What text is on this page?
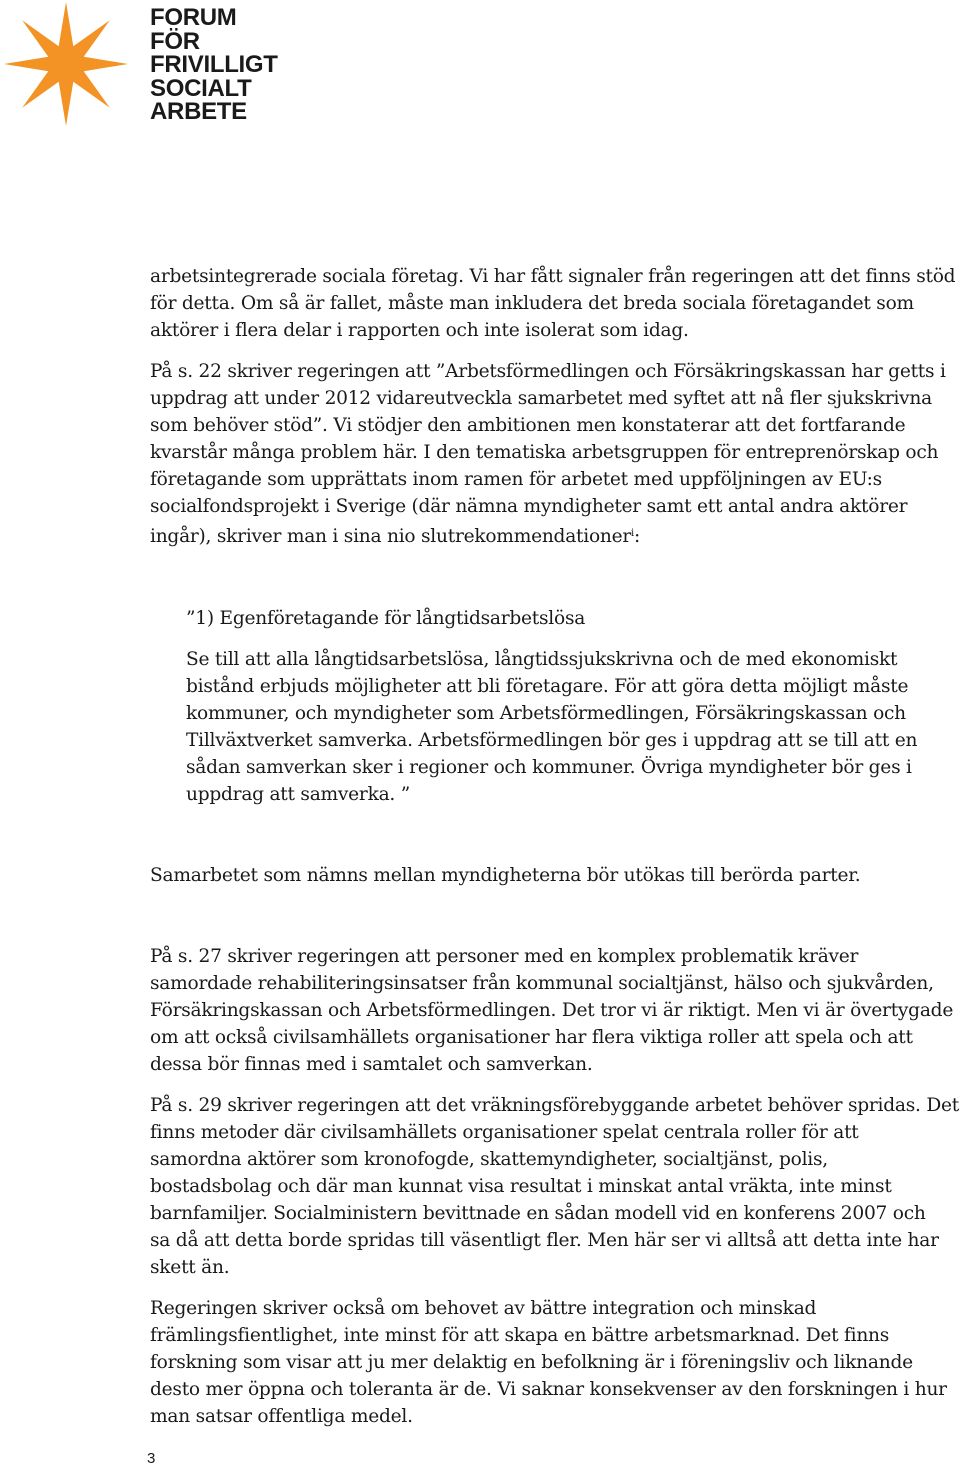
FORUM
FÖR
FRIVILLIGT
SOCIALT
ARBETE

arbetsintegrerade sociala företag. Vi har fått signaler från regeringen att det finns stöd

för detta. Om så är fallet, måste man inkludera det breda sociala företagandet som

aktörer i flera delar i rapporten och inte isolerat som idag.

På s. 22 skriver regeringen att ”Arbetsförmedlingen och Försäkringskassan har getts i

uppdrag att under 2012 vidareutveckla samarbetet med syftet att nå fler sjukskrivna

som behöver stöd”. Vi stödjer den ambitionen men konstaterar att det fortfarande

kvarstår många problem här. I den tematiska arbetsgruppen för entreprenörskap och

företagande som upprättats inom ramen för arbetet med uppföljningen av EU:s

socialfondsprojekt i Sverige (där nämna myndigheter samt ett antal andra aktörer

ingår), skriver man i sina nio slutrekommendationer$^i$:

”1) Egenföretagande för långtidsarbetslösa

Se till att alla långtidsarbetslösa, långtidssjukskrivna och de med ekonomiskt

bistånd erbjuds möjligheter att bli företagare. För att göra detta möjligt måste

kommuner, och myndigheter som Arbetsförmedlingen, Försäkringskassan och

Tillväxtverket samverka. Arbetsförmedlingen bör ges i uppdrag att se till att en

sådan samverkan sker i regioner och kommuner. Övriga myndigheter bör ges i

uppdrag att samverka. ”

Samarbetet som nämns mellan myndigheterna bör utökas till berörda parter.

På s. 27 skriver regeringen att personer med en komplex problematik kräver

samordade rehabiliteringsinsatser från kommunal socialtjänst, hälso och sjukvården,

Försäkringskassan och Arbetsförmedlingen. Det tror vi är riktigt. Men vi är övertygade

om att också civilsamhällets organisationer har flera viktiga roller att spela och att

dessa bör finnas med i samtalet och samverkan.

På s. 29 skriver regeringen att det vräkningsförebyggande arbetet behöver spridas. Det

finns metoder där civilsamhällets organisationer spelat centrala roller för att

samordna aktörer som kronofogde, skattemyndigheter, socialtjänst, polis,

bostadsbolag och där man kunnat visa resultat i minskat antal vräkta, inte minst

barnfamiljer. Socialministern bevittnade en sådan modell vid en konferens 2007 och

sa då att detta borde spridas till väsentligt fler. Men här ser vi alltså att detta inte har

skett än.

Regeringen skriver också om behovet av bättre integration och minskad

främlingsfientlighet, inte minst för att skapa en bättre arbetsmarknad. Det finns

forskning som visar att ju mer delaktig en befolkning är i föreningsliv och liknande

desto mer öppna och toleranta är de. Vi saknar konsekvenser av den forskningen i hur

man satsar offentliga medel.

3
